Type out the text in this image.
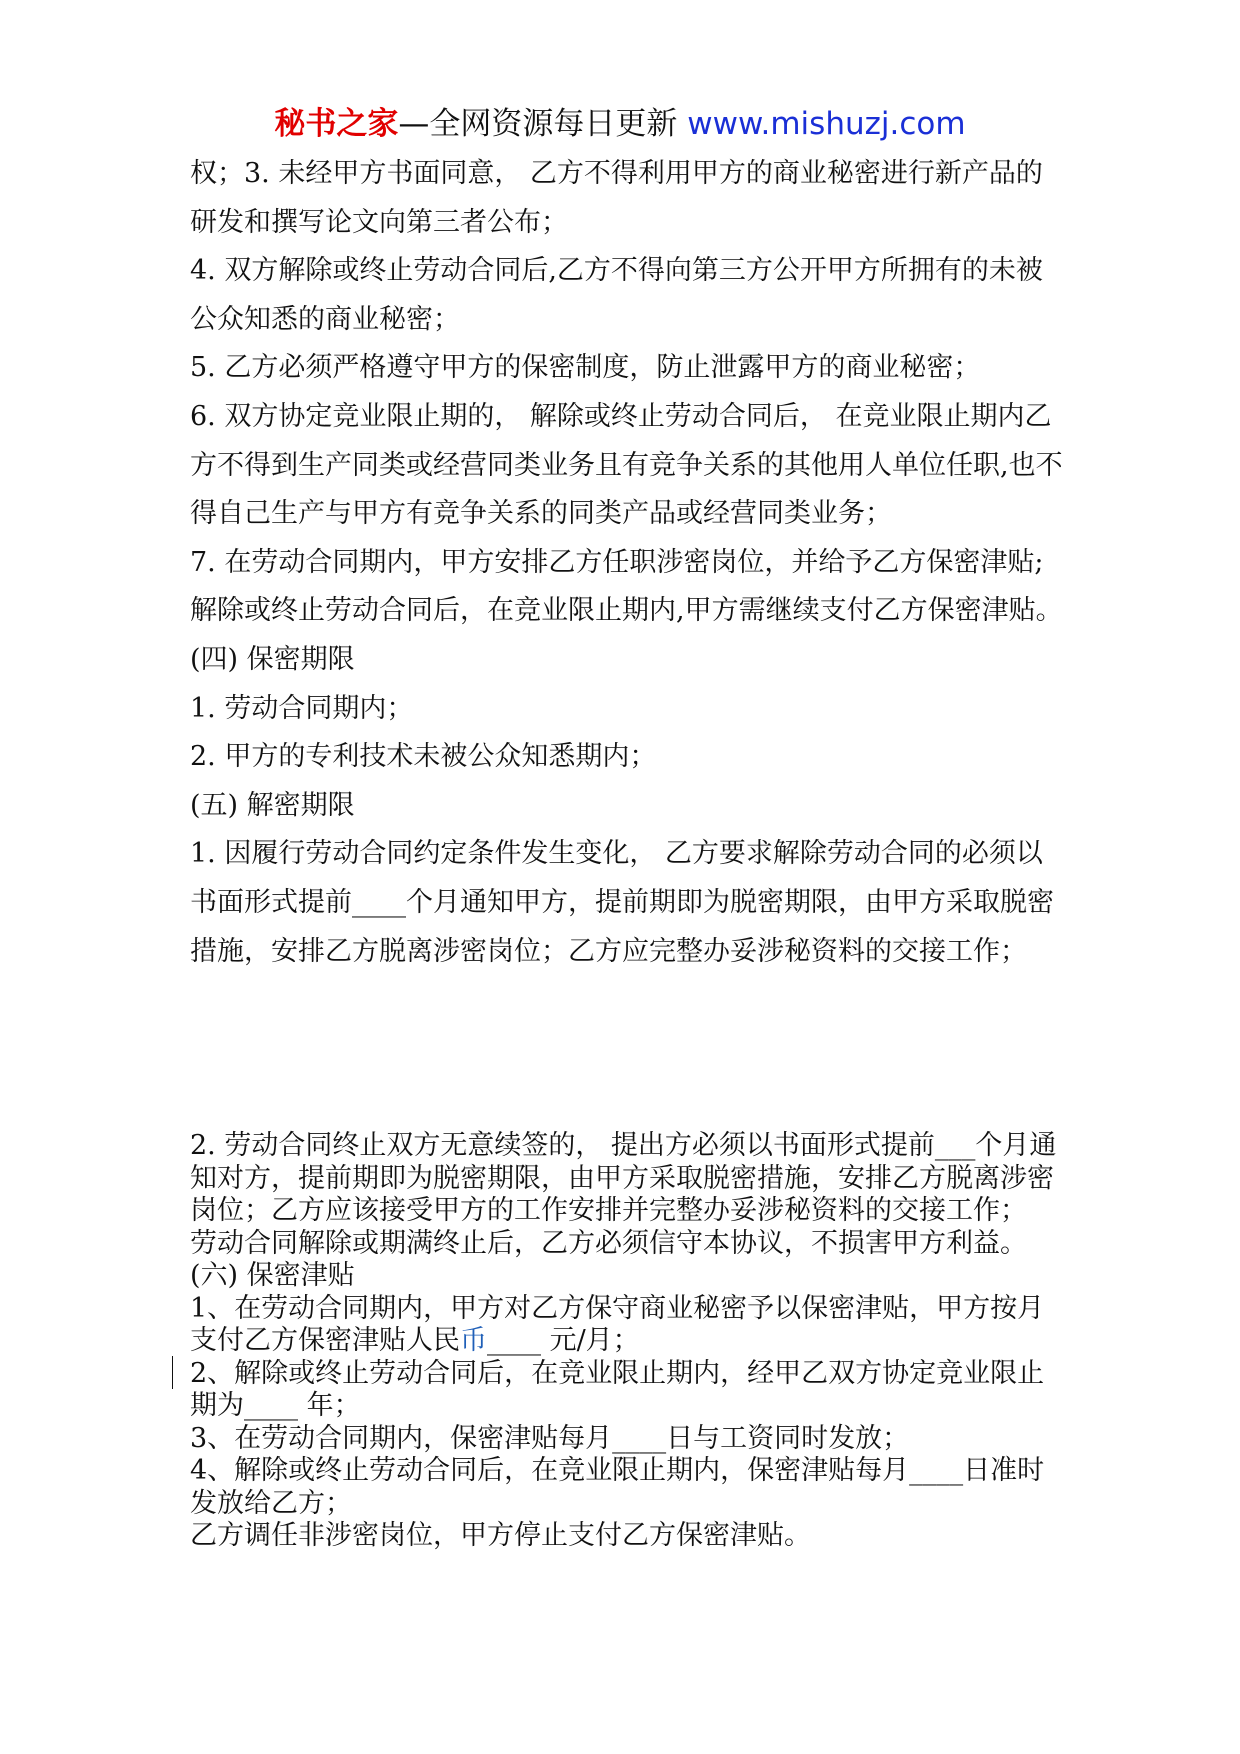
秘书之家—全网资源每日更新 www.mishuzj.com

权；3. 未经甲方书面同意， 乙方不得利用甲方的商业秘密进行新产品的研发和撰写论文向第三者公布；

4. 双方解除或终止劳动合同后,乙方不得向第三方公开甲方所拥有的未被公众知悉的商业秘密；

5. 乙方必须严格遵守甲方的保密制度，防止泄露甲方的商业秘密；

6. 双方协定竞业限止期的， 解除或终止劳动合同后， 在竞业限止期内乙方不得到生产同类或经营同类业务且有竞争关系的其他用人单位任职,也不得自己生产与甲方有竞争关系的同类产品或经营同类业务；

7. 在劳动合同期内，甲方安排乙方任职涉密岗位，并给予乙方保密津贴;解除或终止劳动合同后，在竞业限止期内,甲方需继续支付乙方保密津贴。

(四) 保密期限

1. 劳动合同期内；

2. 甲方的专利技术未被公众知悉期内；

(五) 解密期限

1. 因履行劳动合同约定条件发生变化， 乙方要求解除劳动合同的必须以书面形式提前____个月通知甲方，提前期即为脱密期限，由甲方采取脱密措施，安排乙方脱离涉密岗位；乙方应完整办妥涉秘资料的交接工作；

2. 劳动合同终止双方无意续签的， 提出方必须以书面形式提前___个月通知对方，提前期即为脱密期限，由甲方采取脱密措施，安排乙方脱离涉密岗位；乙方应该接受甲方的工作安排并完整办妥涉秘资料的交接工作；

劳动合同解除或期满终止后，乙方必须信守本协议，不损害甲方利益。 (六) 保密津贴

1、在劳动合同期内，甲方对乙方保守商业秘密予以保密津贴，甲方按月支付乙方保密津贴人民币____ 元/月；

2、解除或终止劳动合同后，在竞业限止期内，经甲乙双方协定竞业限止期为____ 年；

3、在劳动合同期内，保密津贴每月____日与工资同时发放；

4、解除或终止劳动合同后，在竞业限止期内，保密津贴每月____日准时发放给乙方；

乙方调任非涉密岗位，甲方停止支付乙方保密津贴。
